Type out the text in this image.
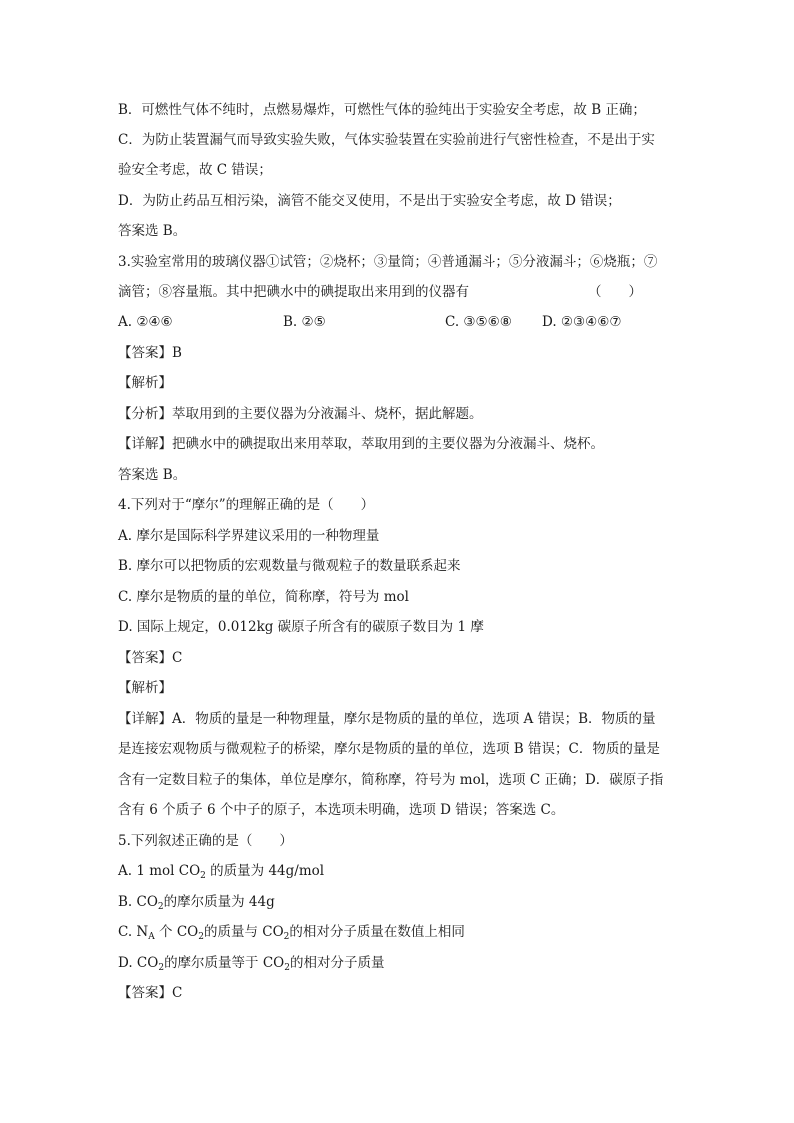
B．可燃性气体不纯时，点燃易爆炸，可燃性气体的验纯出于实验安全考虑，故 B 正确；
C．为防止装置漏气而导致实验失败，气体实验装置在实验前进行气密性检查，不是出于实
验安全考虑，故 C 错误；
D．为防止药品互相污染，滴管不能交叉使用，不是出于实验安全考虑，故 D 错误；
答案选 B。
3.实验室常用的玻璃仪器①试管；②烧杯；③量筒；④普通漏斗；⑤分液漏斗；⑥烧瓶；⑦
滴管；⑧容量瓶。其中把碘水中的碘提取出来用到的仪器有	（　　）
A. ②④⑥	B. ②⑤	C. ③⑤⑥⑧ D. ②③④⑥⑦
【答案】B
【解析】
【分析】萃取用到的主要仪器为分液漏斗、烧杯，据此解题。
【详解】把碘水中的碘提取出来用萃取，萃取用到的主要仪器为分液漏斗、烧杯。
答案选 B。
4.下列对于“摩尔”的理解正确的是（　　）
A. 摩尔是国际科学界建议采用的一种物理量
B. 摩尔可以把物质的宏观数量与微观粒子的数量联系起来
C. 摩尔是物质的量的单位，简称摩，符号为 mol
D. 国际上规定，0.012kg 碳原子所含有的碳原子数目为 1 摩
【答案】C
【解析】
【详解】A．物质的量是一种物理量，摩尔是物质的量的单位，选项 A 错误；B．物质的量
是连接宏观物质与微观粒子的桥梁，摩尔是物质的量的单位，选项 B 错误；C．物质的量是
含有一定数目粒子的集体，单位是摩尔，简称摩，符号为 mol，选项 C 正确；D．碳原子指
含有 6 个质子 6 个中子的原子，本选项未明确，选项 D 错误；答案选 C。
5.下列叙述正确的是（　　）
A. 1 mol $CO_2$ 的质量为 44g/mol
B. $CO_2$的摩尔质量为 44g
C. $N_A$ 个 $CO_2$的质量与 $CO_2$的相对分子质量在数值上相同
D. $CO_2$的摩尔质量等于 $CO_2$的相对分子质量
【答案】C
